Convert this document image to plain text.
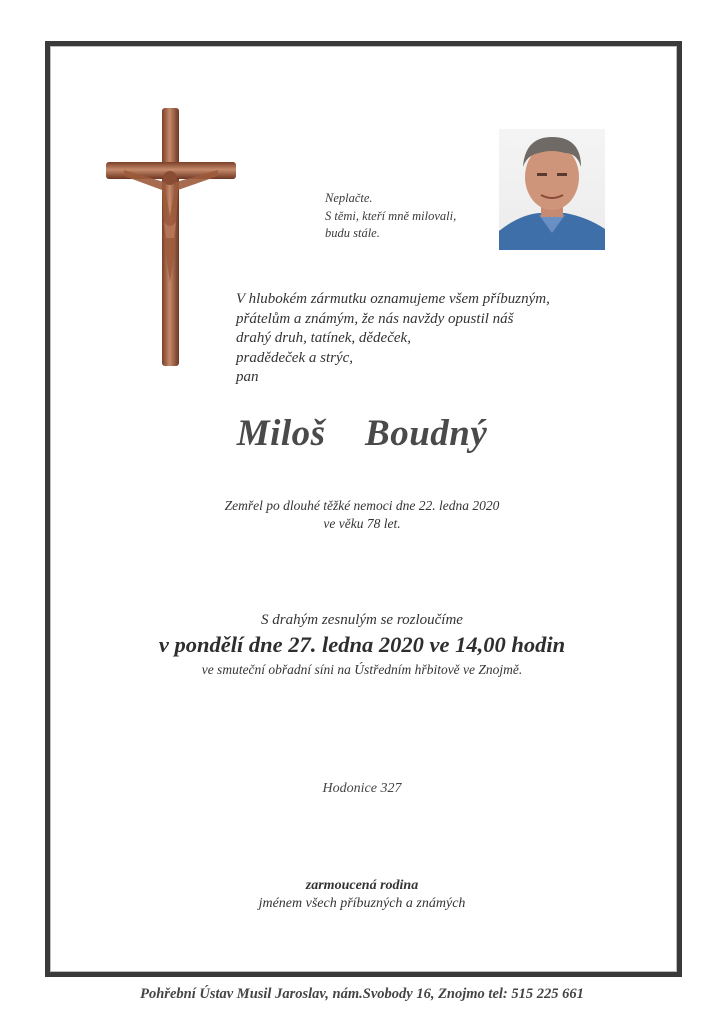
Neplačte.
S těmi, kteří mně milovali,
budu stále.
V hlubokém zármutku oznamujeme všem příbuzným,
přátelům a známým, že nás navždy opustil náš
drahý druh, tatínek, dědeček,
pradědeček a strýc,
pan
Miloš  Boudný
Zemřel po dlouhé těžké nemoci dne 22. ledna 2020
ve věku 78 let.
S drahým zesnulým se rozloučíme
v pondělí dne 27. ledna 2020 ve 14,00 hodin
ve smuteční obřadní síni na Ústředním hřbitově ve Znojmě.
Hodonice 327
zarmoucená rodina
jménem všech příbuzných a známých
Pohřební Ústav Musil Jaroslav, nám.Svobody 16, Znojmo tel: 515 225 661
